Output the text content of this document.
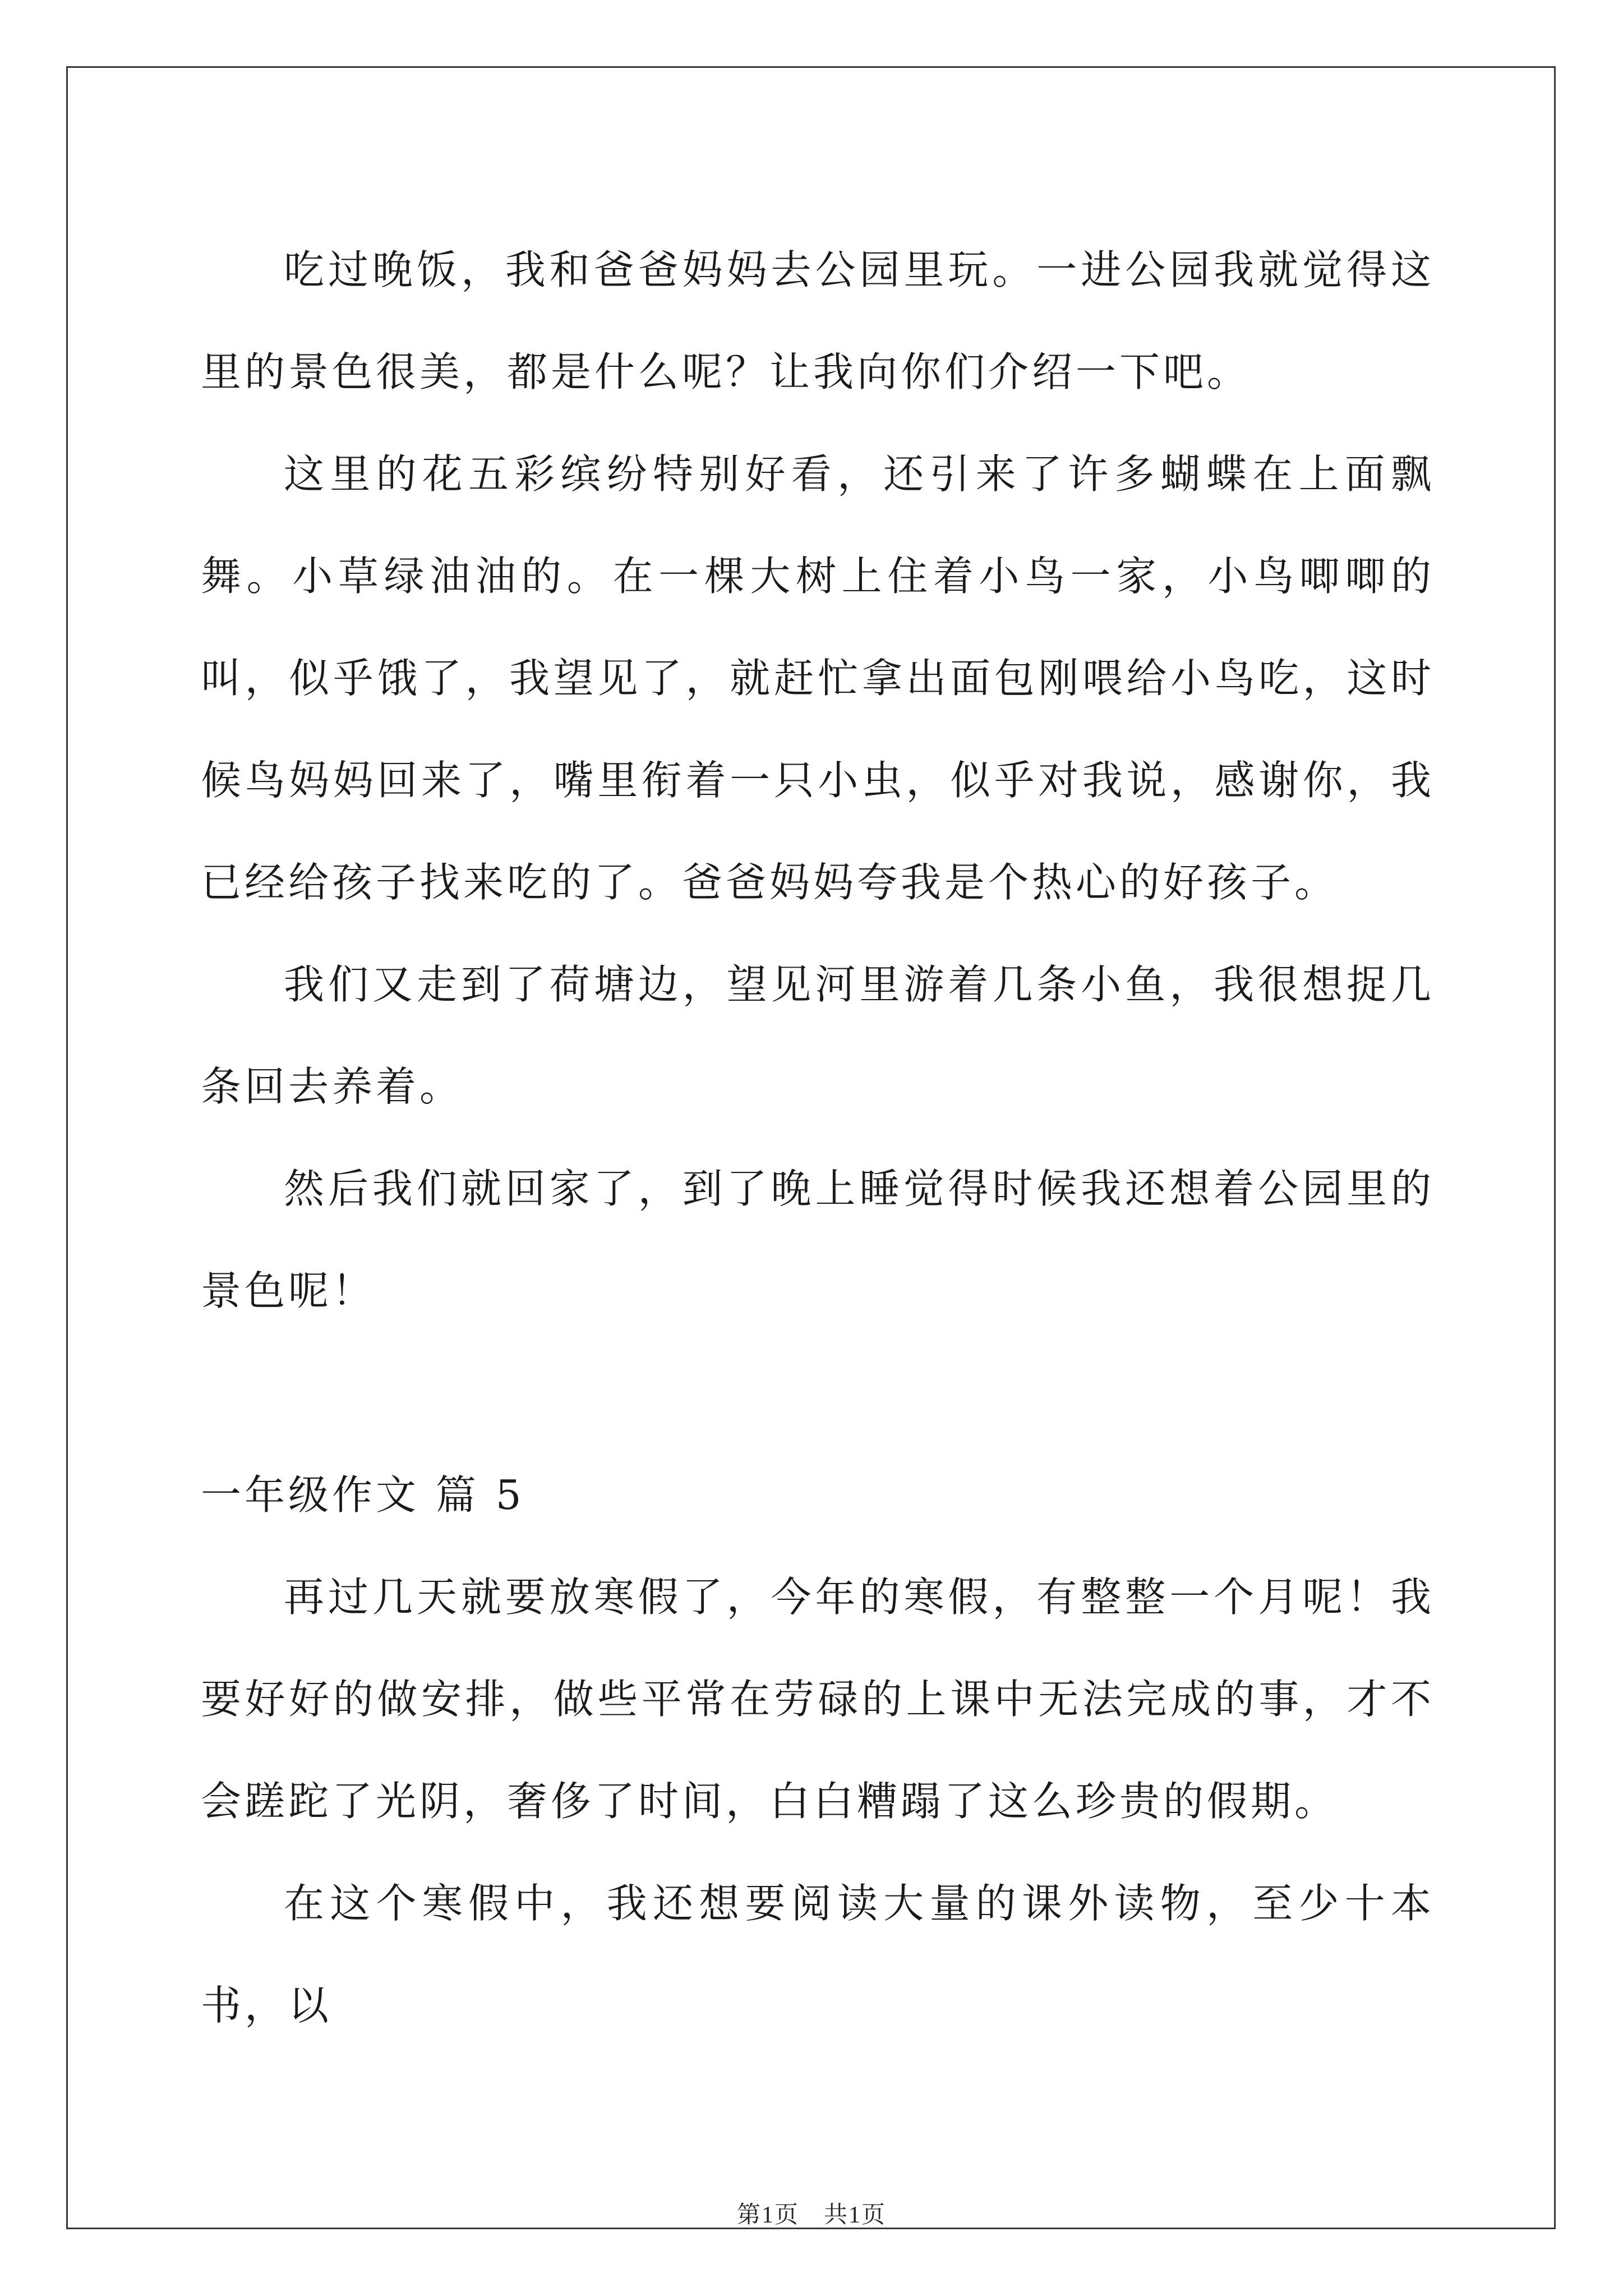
吃过晚饭，我和爸爸妈妈去公园里玩。一进公园我就觉得这里的景色很美，都是什么呢？让我向你们介绍一下吧。

这里的花五彩缤纷特别好看，还引来了许多蝴蝶在上面飘舞。小草绿油油的。在一棵大树上住着小鸟一家，小鸟唧唧的叫，似乎饿了，我望见了，就赶忙拿出面包刚喂给小鸟吃，这时候鸟妈妈回来了，嘴里衔着一只小虫，似乎对我说，感谢你，我已经给孩子找来吃的了。爸爸妈妈夸我是个热心的好孩子。

我们又走到了荷塘边，望见河里游着几条小鱼，我很想捉几条回去养着。

然后我们就回家了，到了晚上睡觉得时候我还想着公园里的景色呢！

一年级作文 篇 5

再过几天就要放寒假了，今年的寒假，有整整一个月呢！我要好好的做安排，做些平常在劳碌的上课中无法完成的事，才不会蹉跎了光阴，奢侈了时间，白白糟蹋了这么珍贵的假期。

在这个寒假中，我还想要阅读大量的课外读物，至少十本书，以

第1页 共1页
